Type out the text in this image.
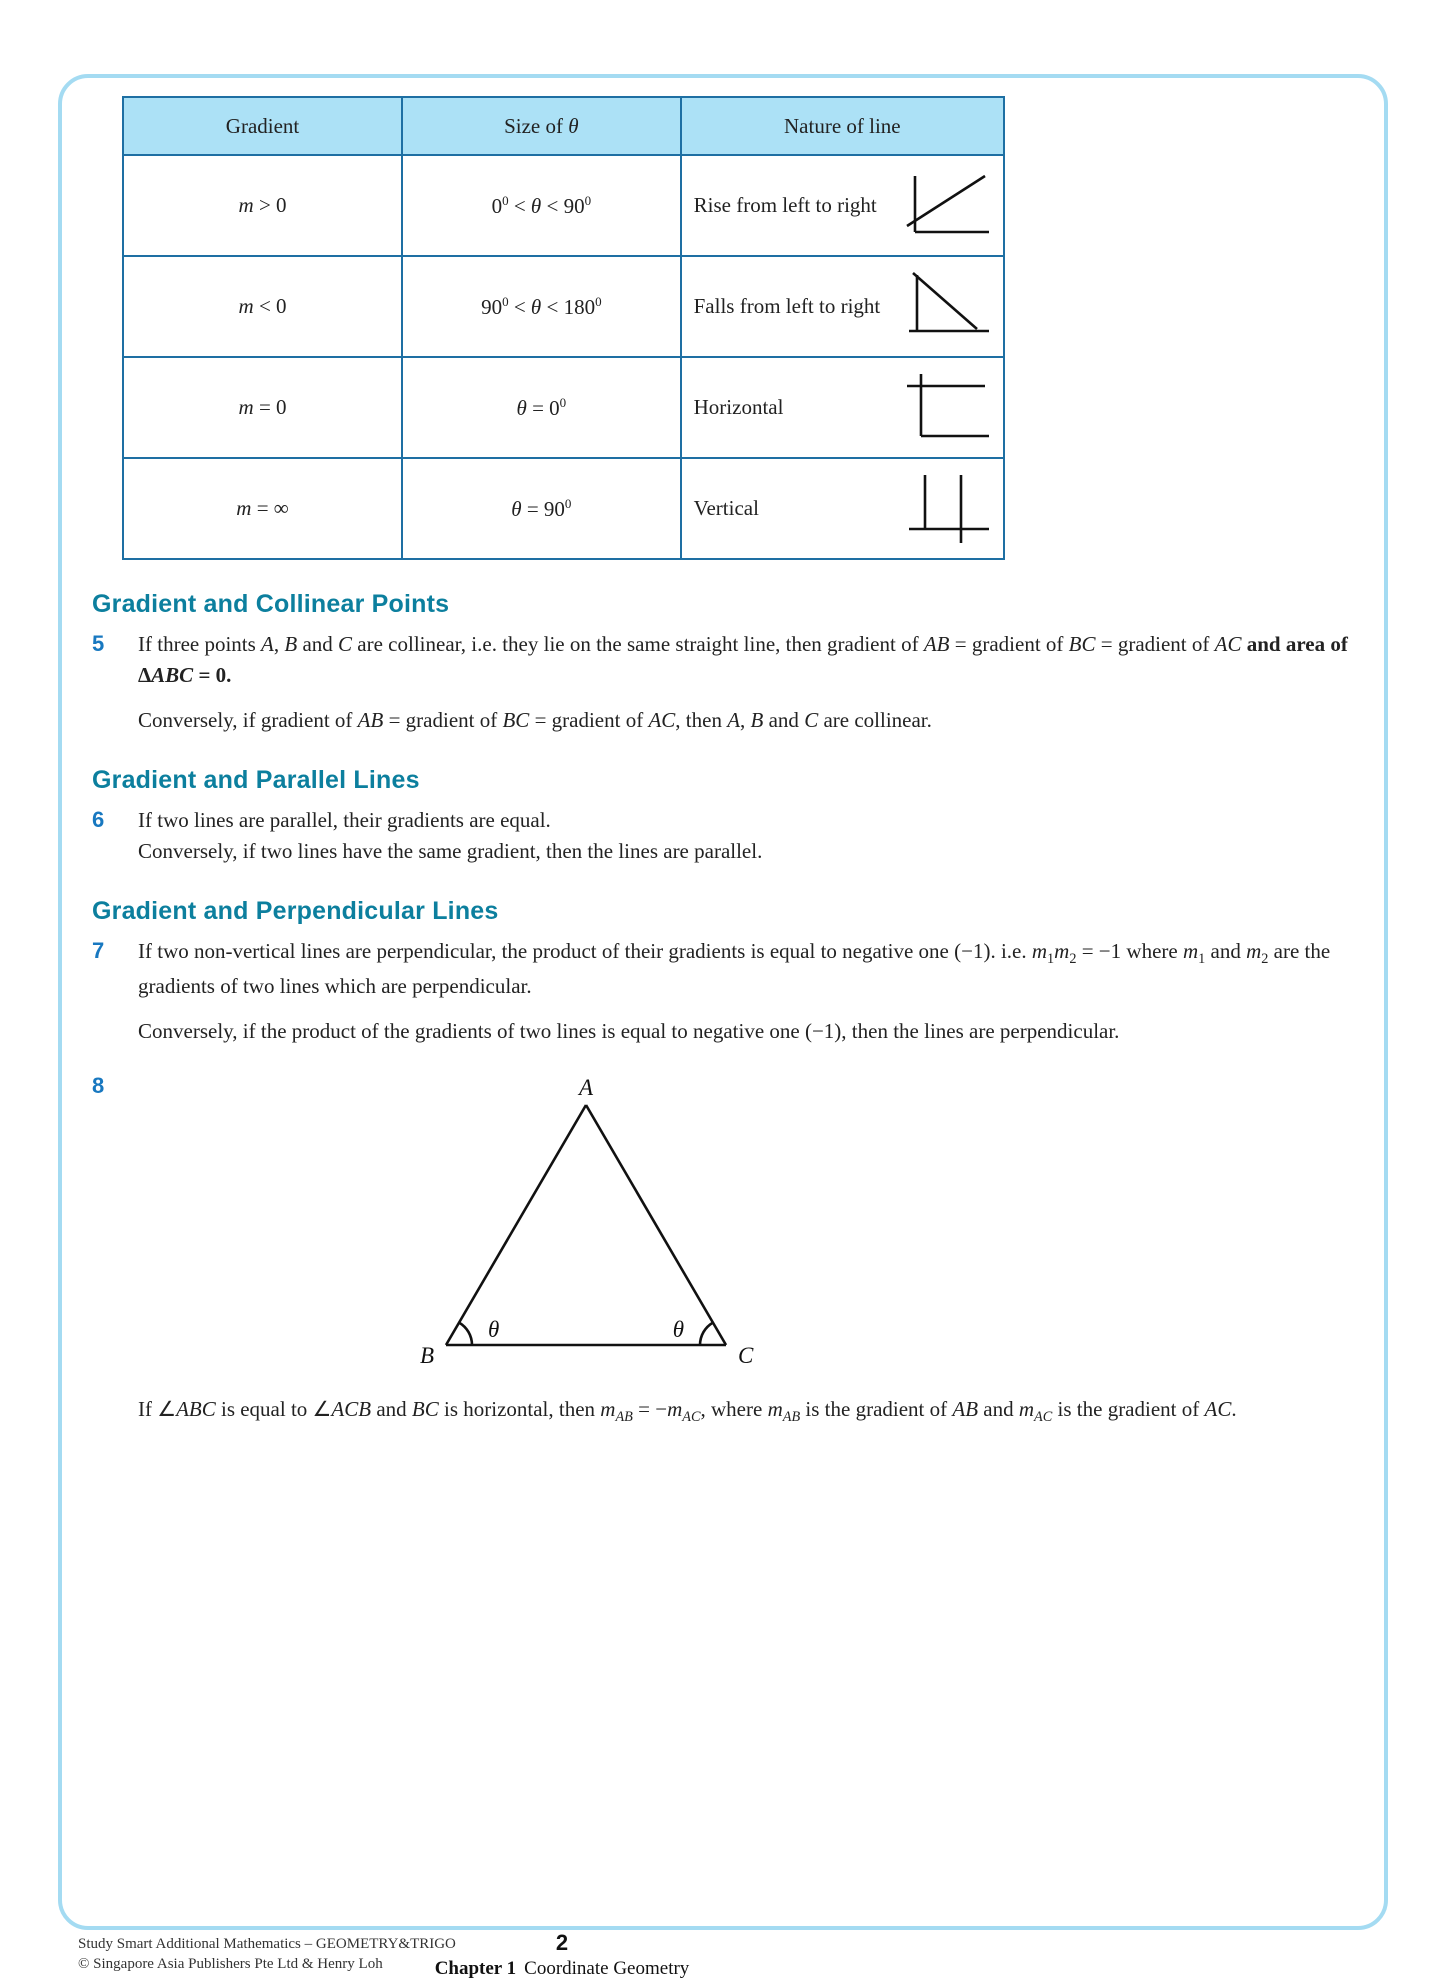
Gradient	Size of θ	Nature of line
m > 0	$0^0 < \theta < 90^0$	Rise from left to right

m < 0	$90^0 < \theta < 180^0$	Falls from left to right

m = 0	$\theta = 0^0$	Horizontal

m = ∞	$\theta = 90^0$	Vertical
Gradient and Collinear Points
5	If three points A, B and C are collinear, i.e. they lie on the same straight line, then gradient of AB = gradient of BC = gradient of AC and area of ΔABC = 0.

Conversely, if gradient of AB = gradient of BC = gradient of AC, then A, B and C are collinear.

Gradient and Parallel Lines
6	If two lines are parallel, their gradients are equal.

Conversely, if two lines have the same gradient, then the lines are parallel.

Gradient and Perpendicular Lines
7	If two non-vertical lines are perpendicular, the product of their gradients is equal to negative one (−1). i.e. $m_1m_2 = -1$ where $m_1$ and $m_2$ are the gradients of two lines which are perpendicular.

Conversely, if the product of the gradients of two lines is equal to negative one (−1), then the lines are perpendicular.

8	A
B	C
θ	θ

If ∠ABC is equal to ∠ACB and BC is horizontal, then $m_{AB} = -m_{AC}$, where $m_{AB}$ is the gradient of AB and $m_{AC}$ is the gradient of AC.

Study Smart Additional Mathematics – GEOMETRY&TRIGO
© Singapore Asia Publishers Pte Ltd & Henry Loh
2
Chapter 1 Coordinate Geometry
